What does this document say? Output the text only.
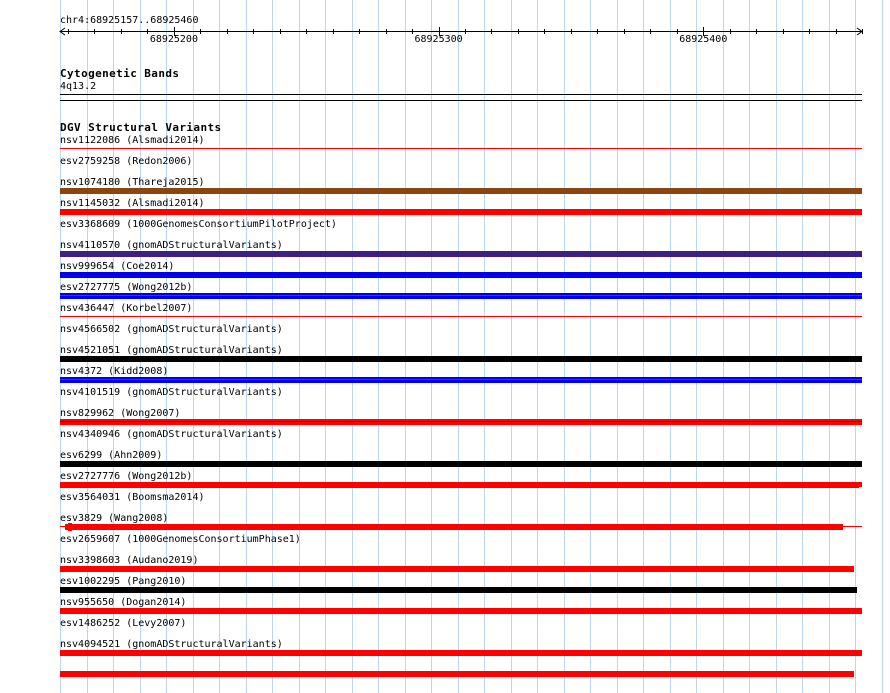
chr4:68925157..68925460
Cytogenetic Bands
4q13.2
DGV Structural Variants
nsv1122086 (Alsmadi2014)
esv2759258 (Redon2006)
nsv1074180 (Thareja2015)
nsv1145032 (Alsmadi2014)
esv3368609 (1000GenomesConsortiumPilotProject)
nsv4110570 (gnomADStructuralVariants)
nsv999654 (Coe2014)
esv2727775 (Wong2012b)
nsv436447 (Korbel2007)
nsv4566502 (gnomADStructuralVariants)
nsv4521051 (gnomADStructuralVariants)
nsv4372 (Kidd2008)
nsv4101519 (gnomADStructuralVariants)
nsv829962 (Wong2007)
nsv4340946 (gnomADStructuralVariants)
esv6299 (Ahn2009)
esv2727776 (Wong2012b)
esv3564031 (Boomsma2014)
esv3829 (Wang2008)
esv2659607 (1000GenomesConsortiumPhase1)
nsv3398603 (Audano2019)
esv1002295 (Pang2010)
nsv955650 (Dogan2014)
esv1486252 (Levy2007)
nsv4094521 (gnomADStructuralVariants)
68925200	68925300	68925400
